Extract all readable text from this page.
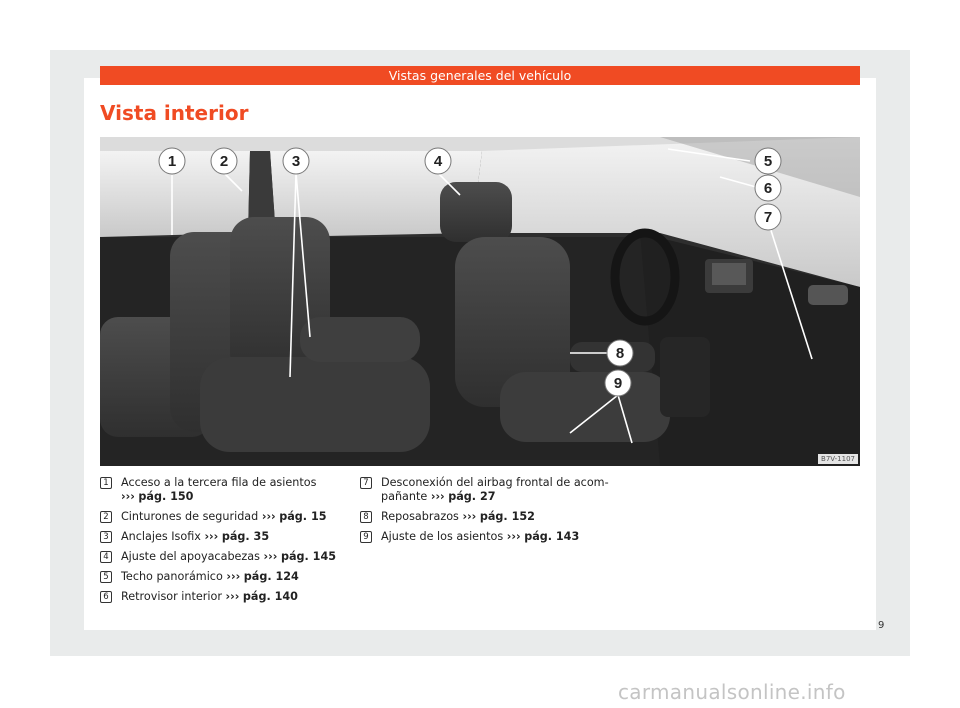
Vistas generales del vehículo
Vista interior
1	2	3	4	5
6
7
8
9
B7V-1107
1 Acceso a la tercera fila de asientos
››› pág. 150
2 Cinturones de seguridad ››› pág. 15
3 Anclajes Isofix ››› pág. 35
4 Ajuste del apoyacabezas ››› pág. 145
5 Techo panorámico ››› pág. 124
6 Retrovisor interior ››› pág. 140
7 Desconexión del airbag frontal de acom-pañante ››› pág. 27
8 Reposabrazos ››› pág. 152
9 Ajuste de los asientos ››› pág. 143
9
carmanualsonline.info
